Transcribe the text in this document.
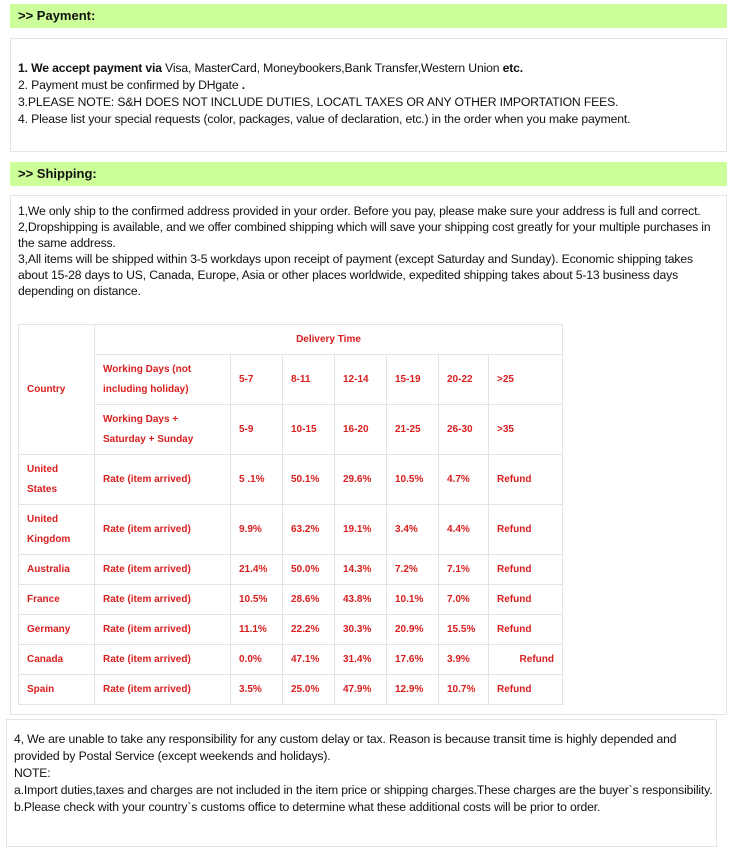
>> Payment:
1. We accept payment via Visa, MasterCard, Moneybookers,Bank Transfer,Western Union etc.
2. Payment must be confirmed by DHgate .
3.PLEASE NOTE: S&H DOES NOT INCLUDE DUTIES, LOCATL TAXES OR ANY OTHER IMPORTATION FEES.
4. Please list your special requests (color, packages, value of declaration, etc.) in the order when you make payment.
>> Shipping:
1,We only ship to the confirmed address provided in your order. Before you pay, please make sure your address is full and correct.
2,Dropshipping is available, and we offer combined shipping which will save your shipping cost greatly for your multiple purchases in the same address.
3,All items will be shipped within 3-5 workdays upon receipt of payment (except Saturday and Sunday). Economic shipping takes about 15-28 days to US, Canada, Europe, Asia or other places worldwide, expedited shipping takes about 5-13 business days depending on distance.
Country	Delivery Time						
	Working Days (not including holiday)	5-7	8-11	12-14	15-19	20-22	>25
	Working Days + Saturday + Sunday	5-9	10-15	16-20	21-25	26-30	>35
United States	Rate (item arrived)	5 .1%	50.1%	29.6%	10.5%	4.7%	Refund
United Kingdom	Rate (item arrived)	9.9%	63.2%	19.1%	3.4%	4.4%	Refund
Australia	Rate (item arrived)	21.4%	50.0%	14.3%	7.2%	7.1%	Refund
France	Rate (item arrived)	10.5%	28.6%	43.8%	10.1%	7.0%	Refund
Germany	Rate (item arrived)	11.1%	22.2%	30.3%	20.9%	15.5%	Refund
Canada	Rate (item arrived)	0.0%	47.1%	31.4%	17.6%	3.9%	Refund
Spain	Rate (item arrived)	3.5%	25.0%	47.9%	12.9%	10.7%	Refund
4, We are unable to take any responsibility for any custom delay or tax. Reason is because transit time is highly depended and provided by Postal Service (except weekends and holidays).
NOTE:
a.Import duties,taxes and charges are not included in the item price or shipping charges.These charges are the buyer`s responsibility.
b.Please check with your country`s customs office to determine what these additional costs will be prior to order.
